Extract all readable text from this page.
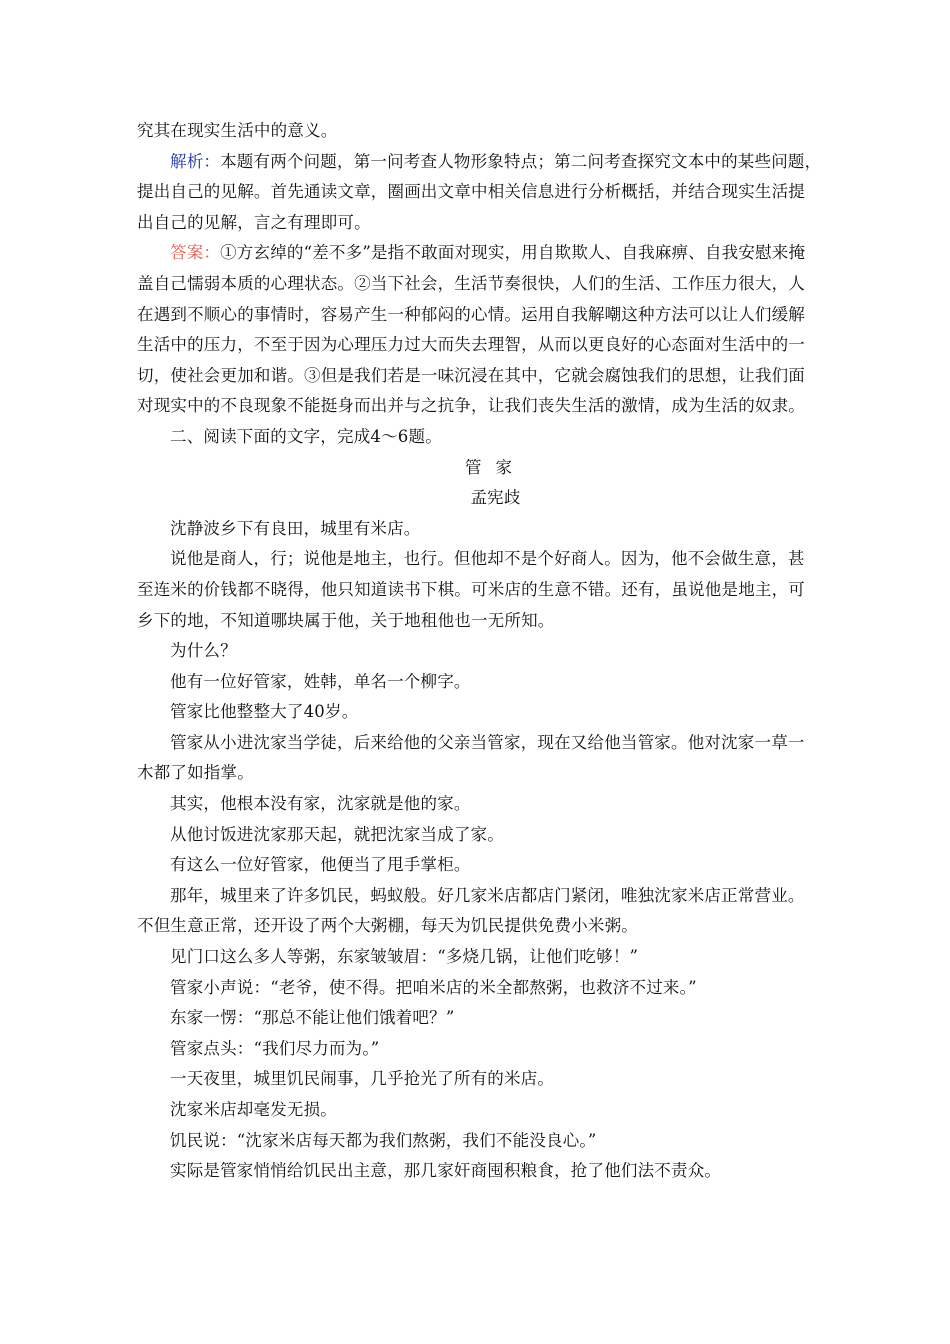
究其在现实生活中的意义。
解析：本题有两个问题，第一问考查人物形象特点；第二问考查探究文本中的某些问题，
提出自己的见解。首先通读文章，圈画出文章中相关信息进行分析概括，并结合现实生活提
出自己的见解，言之有理即可。
答案：①方玄绰的“差不多”是指不敢面对现实，用自欺欺人、自我麻痹、自我安慰来掩
盖自己懦弱本质的心理状态。②当下社会，生活节奏很快，人们的生活、工作压力很大，人
在遇到不顺心的事情时，容易产生一种郁闷的心情。运用自我解嘲这种方法可以让人们缓解
生活中的压力，不至于因为心理压力过大而失去理智，从而以更良好的心态面对生活中的一
切，使社会更加和谐。③但是我们若是一味沉浸在其中，它就会腐蚀我们的思想，让我们面
对现实中的不良现象不能挺身而出并与之抗争，让我们丧失生活的激情，成为生活的奴隶。
二、阅读下面的文字，完成4～6题。
管家
孟宪歧
沈静波乡下有良田，城里有米店。
说他是商人，行；说他是地主，也行。但他却不是个好商人。因为，他不会做生意，甚
至连米的价钱都不晓得，他只知道读书下棋。可米店的生意不错。还有，虽说他是地主，可
乡下的地，不知道哪块属于他，关于地租他也一无所知。
为什么？
他有一位好管家，姓韩，单名一个柳字。
管家比他整整大了40岁。
管家从小进沈家当学徒，后来给他的父亲当管家，现在又给他当管家。他对沈家一草一
木都了如指掌。
其实，他根本没有家，沈家就是他的家。
从他讨饭进沈家那天起，就把沈家当成了家。
有这么一位好管家，他便当了甩手掌柜。
那年，城里来了许多饥民，蚂蚁般。好几家米店都店门紧闭，唯独沈家米店正常营业。
不但生意正常，还开设了两个大粥棚，每天为饥民提供免费小米粥。
见门口这么多人等粥，东家皱皱眉：“多烧几锅，让他们吃够！”
管家小声说：“老爷，使不得。把咱米店的米全都熬粥，也救济不过来。”
东家一愣：“那总不能让他们饿着吧？”
管家点头：“我们尽力而为。”
一天夜里，城里饥民闹事，几乎抢光了所有的米店。
沈家米店却毫发无损。
饥民说：“沈家米店每天都为我们熬粥，我们不能没良心。”
实际是管家悄悄给饥民出主意，那几家奸商囤积粮食，抢了他们法不责众。
